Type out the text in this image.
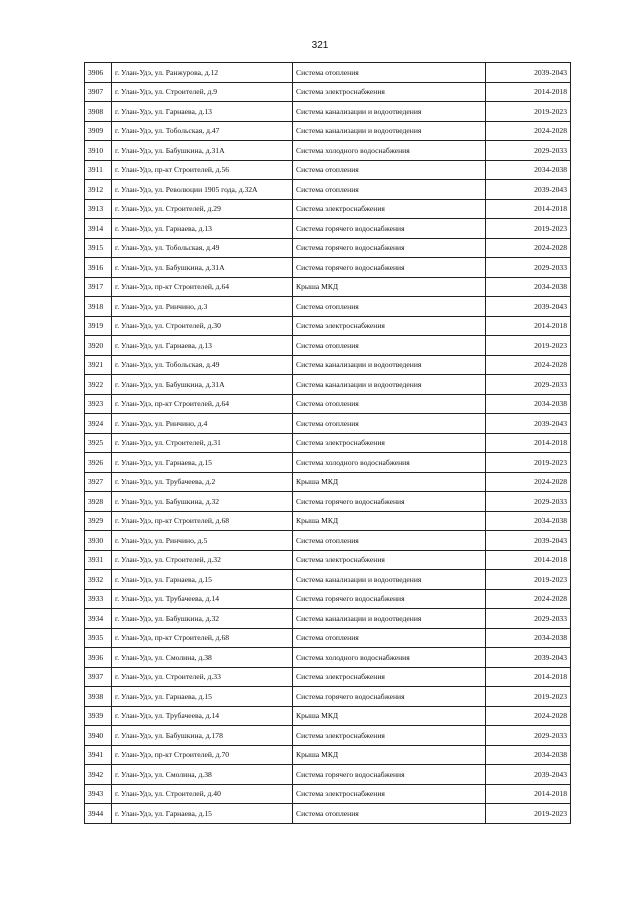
321
3906	г. Улан-Удэ, ул. Ранжурова, д.12	Система отопления	2039-2043
3907	г. Улан-Удэ, ул. Строителей, д.9	Система электроснабжения	2014-2018
3908	г. Улан-Удэ, ул. Гарнаева, д.13	Система канализации и водоотведения	2019-2023
3909	г. Улан-Удэ, ул. Тобольская, д.47	Система канализации и водоотведения	2024-2028
3910	г. Улан-Удэ, ул. Бабушкина, д.31А	Система холодного водоснабжения	2029-2033
3911	г. Улан-Удэ, пр-кт Строителей, д.56	Система отопления	2034-2038
3912	г. Улан-Удэ, ул. Революции 1905 года, д.32А	Система отопления	2039-2043
3913	г. Улан-Удэ, ул. Строителей, д.29	Система электроснабжения	2014-2018
3914	г. Улан-Удэ, ул. Гарнаева, д.13	Система горячего водоснабжения	2019-2023
3915	г. Улан-Удэ, ул. Тобольская, д.49	Система горячего водоснабжения	2024-2028
3916	г. Улан-Удэ, ул. Бабушкина, д.31А	Система горячего водоснабжения	2029-2033
3917	г. Улан-Удэ, пр-кт Строителей, д.64	Крыша МКД	2034-2038
3918	г. Улан-Удэ, ул. Ринчино, д.3	Система отопления	2039-2043
3919	г. Улан-Удэ, ул. Строителей, д.30	Система электроснабжения	2014-2018
3920	г. Улан-Удэ, ул. Гарнаева, д.13	Система отопления	2019-2023
3921	г. Улан-Удэ, ул. Тобольская, д.49	Система канализации и водоотведения	2024-2028
3922	г. Улан-Удэ, ул. Бабушкина, д.31А	Система канализации и водоотведения	2029-2033
3923	г. Улан-Удэ, пр-кт Строителей, д.64	Система отопления	2034-2038
3924	г. Улан-Удэ, ул. Ринчино, д.4	Система отопления	2039-2043
3925	г. Улан-Удэ, ул. Строителей, д.31	Система электроснабжения	2014-2018
3926	г. Улан-Удэ, ул. Гарнаева, д.15	Система холодного водоснабжения	2019-2023
3927	г. Улан-Удэ, ул. Трубачеева, д.2	Крыша МКД	2024-2028
3928	г. Улан-Удэ, ул. Бабушкина, д.32	Система горячего водоснабжения	2029-2033
3929	г. Улан-Удэ, пр-кт Строителей, д.68	Крыша МКД	2034-2038
3930	г. Улан-Удэ, ул. Ринчино, д.5	Система отопления	2039-2043
3931	г. Улан-Удэ, ул. Строителей, д.32	Система электроснабжения	2014-2018
3932	г. Улан-Удэ, ул. Гарнаева, д.15	Система канализации и водоотведения	2019-2023
3933	г. Улан-Удэ, ул. Трубачеева, д.14	Система горячего водоснабжения	2024-2028
3934	г. Улан-Удэ, ул. Бабушкина, д.32	Система канализации и водоотведения	2029-2033
3935	г. Улан-Удэ, пр-кт Строителей, д.68	Система отопления	2034-2038
3936	г. Улан-Удэ, ул. Смолина, д.38	Система холодного водоснабжения	2039-2043
3937	г. Улан-Удэ, ул. Строителей, д.33	Система электроснабжения	2014-2018
3938	г. Улан-Удэ, ул. Гарнаева, д.15	Система горячего водоснабжения	2019-2023
3939	г. Улан-Удэ, ул. Трубачеева, д.14	Крыша МКД	2024-2028
3940	г. Улан-Удэ, ул. Бабушкина, д.178	Система электроснабжения	2029-2033
3941	г. Улан-Удэ, пр-кт Строителей, д.70	Крыша МКД	2034-2038
3942	г. Улан-Удэ, ул. Смолина, д.38	Система горячего водоснабжения	2039-2043
3943	г. Улан-Удэ, ул. Строителей, д.40	Система электроснабжения	2014-2018
3944	г. Улан-Удэ, ул. Гарнаева, д.15	Система отопления	2019-2023
